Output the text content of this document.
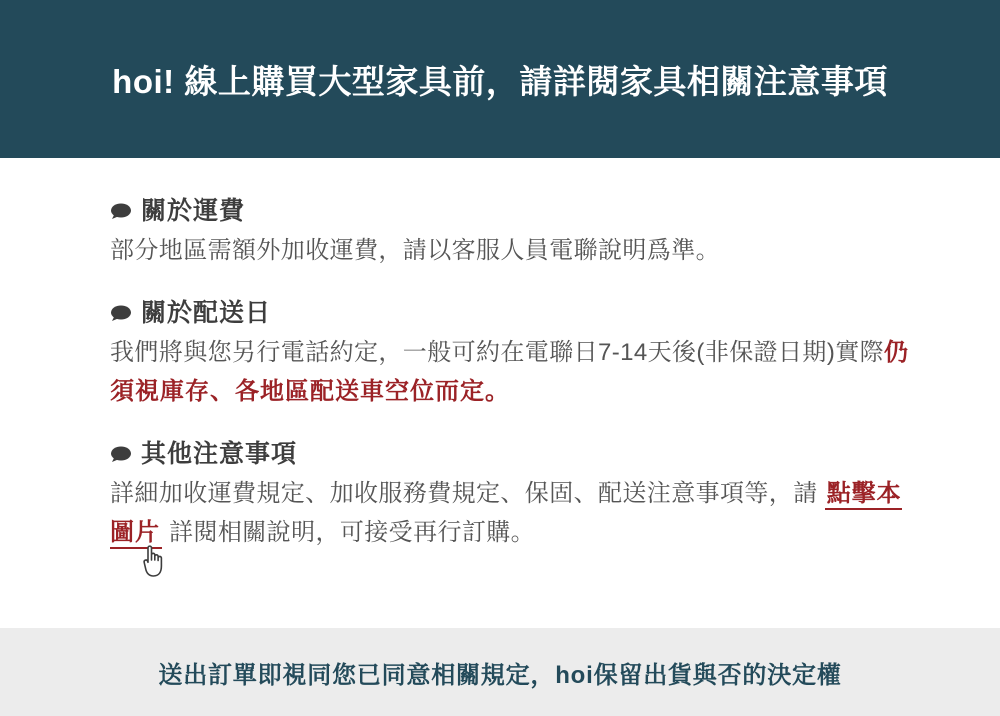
hoi! 線上購買大型家具前，請詳閱家具相關注意事項
關於運費
部分地區需額外加收運費，請以客服人員電聯說明爲準。
關於配送日
我們將與您另行電話約定，一般可約在電聯日7-14天後(非保證日期)實際仍須視庫存、各地區配送車空位而定。
其他注意事項
詳細加收運費規定、加收服務費規定、保固、配送注意事項等，請 點擊本圖片 詳閱相關說明，可接受再行訂購。
送出訂單即視同您已同意相關規定，hoi保留出貨與否的決定權
